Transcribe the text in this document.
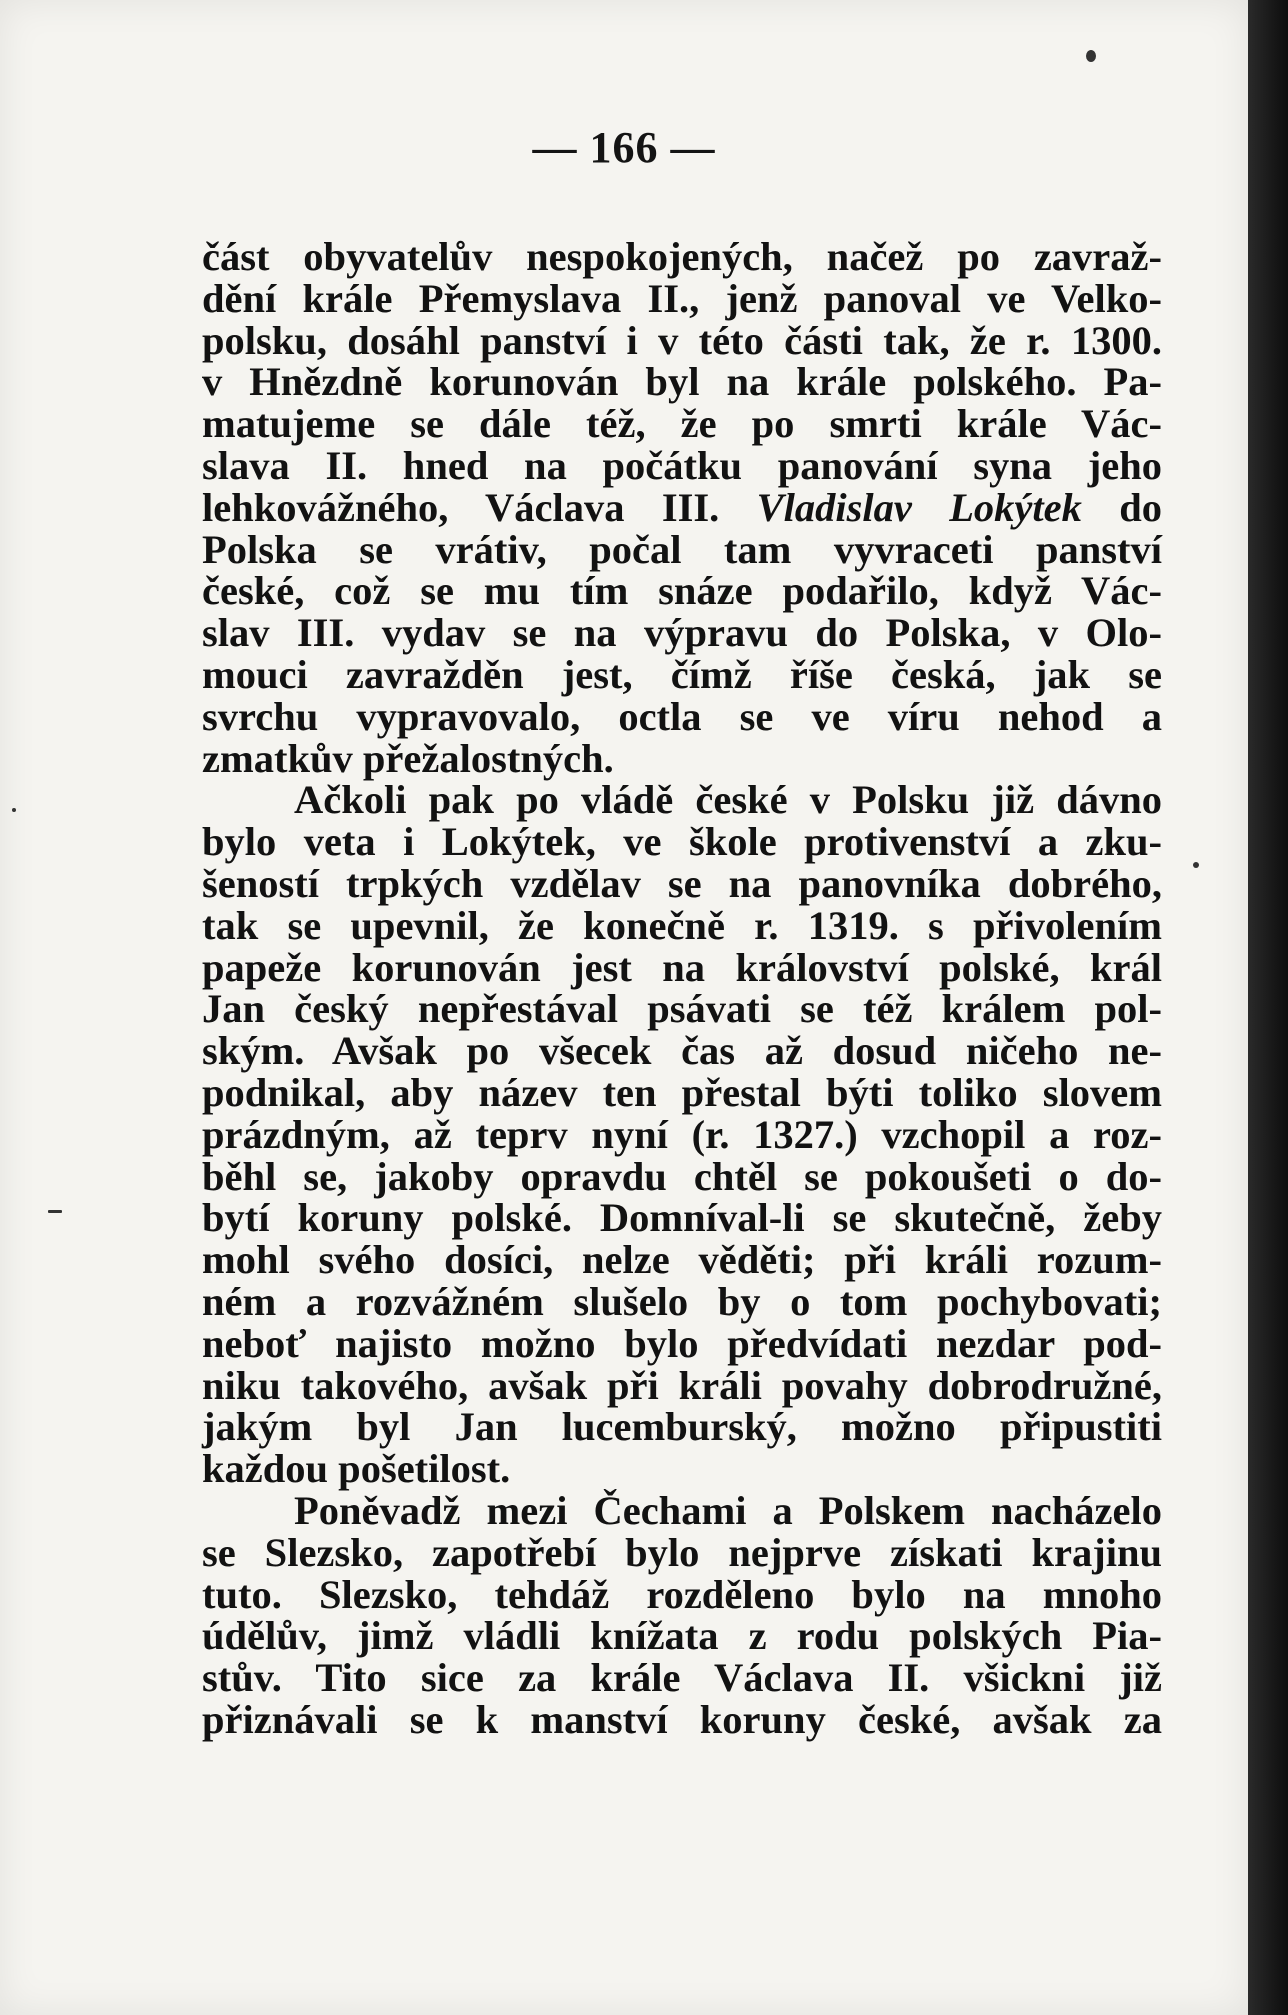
— 166 —
část obyvatelův nespokojených, načež po zavraž-
dění krále Přemyslava II., jenž panoval ve Velko-
polsku, dosáhl panství i v této části tak, že r. 1300.
v Hnězdně korunován byl na krále polského. Pa-
matujeme se dále též, že po smrti krále Vác-
slava II. hned na počátku panování syna jeho
lehkovážného, Václava III. Vladislav Lokýtek do
Polska se vrátiv, počal tam vyvraceti panství
české, což se mu tím snáze podařilo, když Vác-
slav III. vydav se na výpravu do Polska, v Olo-
mouci zavražděn jest, čímž říše česká, jak se
svrchu vypravovalo, octla se ve víru nehod a
zmatkův přežalostných.
Ačkoli pak po vládě české v Polsku již dávno
bylo veta i Lokýtek, ve škole protivenství a zku-
šeností trpkých vzdělav se na panovníka dobrého,
tak se upevnil, že konečně r. 1319. s přivolením
papeže korunován jest na království polské, král
Jan český nepřestával psávati se též králem pol-
ským. Avšak po všecek čas až dosud ničeho ne-
podnikal, aby název ten přestal býti toliko slovem
prázdným, až teprv nyní (r. 1327.) vzchopil a roz-
běhl se, jakoby opravdu chtěl se pokoušeti o do-
bytí koruny polské. Domníval-li se skutečně, žeby
mohl svého dosíci, nelze věděti; při králi rozum-
ném a rozvážném slušelo by o tom pochybovati;
neboť najisto možno bylo předvídati nezdar pod-
niku takového, avšak při králi povahy dobrodružné,
jakým byl Jan lucemburský, možno připustiti
každou pošetilost.
Poněvadž mezi Čechami a Polskem nacházelo
se Slezsko, zapotřebí bylo nejprve získati krajinu
tuto. Slezsko, tehdáž rozděleno bylo na mnoho
údělův, jimž vládli knížata z rodu polských Pia-
stův. Tito sice za krále Václava II. všickni již
přiznávali se k manství koruny české, avšak za
